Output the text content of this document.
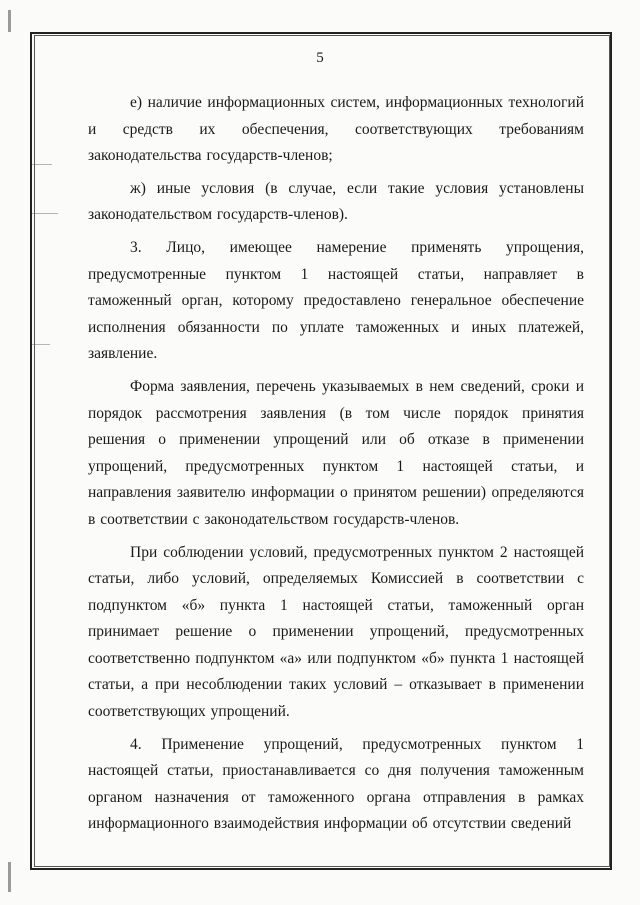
5

е) наличие информационных систем, информационных технологий и средств их обеспечения, соответствующих требованиям законодательства государств-членов;

ж) иные условия (в случае, если такие условия установлены законодательством государств-членов).

3. Лицо, имеющее намерение применять упрощения, предусмотренные пунктом 1 настоящей статьи, направляет в таможенный орган, которому предоставлено генеральное обеспечение исполнения обязанности по уплате таможенных и иных платежей, заявление.

Форма заявления, перечень указываемых в нем сведений, сроки и порядок рассмотрения заявления (в том числе порядок принятия решения о применении упрощений или об отказе в применении упрощений, предусмотренных пунктом 1 настоящей статьи, и направления заявителю информации о принятом решении) определяются в соответствии с законодательством государств-членов.

При соблюдении условий, предусмотренных пунктом 2 настоящей статьи, либо условий, определяемых Комиссией в соответствии с подпунктом «б» пункта 1 настоящей статьи, таможенный орган принимает решение о применении упрощений, предусмотренных соответственно подпунктом «а» или подпунктом «б» пункта 1 настоящей статьи, а при несоблюдении таких условий – отказывает в применении соответствующих упрощений.

4. Применение упрощений, предусмотренных пунктом 1 настоящей статьи, приостанавливается со дня получения таможенным органом назначения от таможенного органа отправления в рамках информационного взаимодействия информации об отсутствии сведений
